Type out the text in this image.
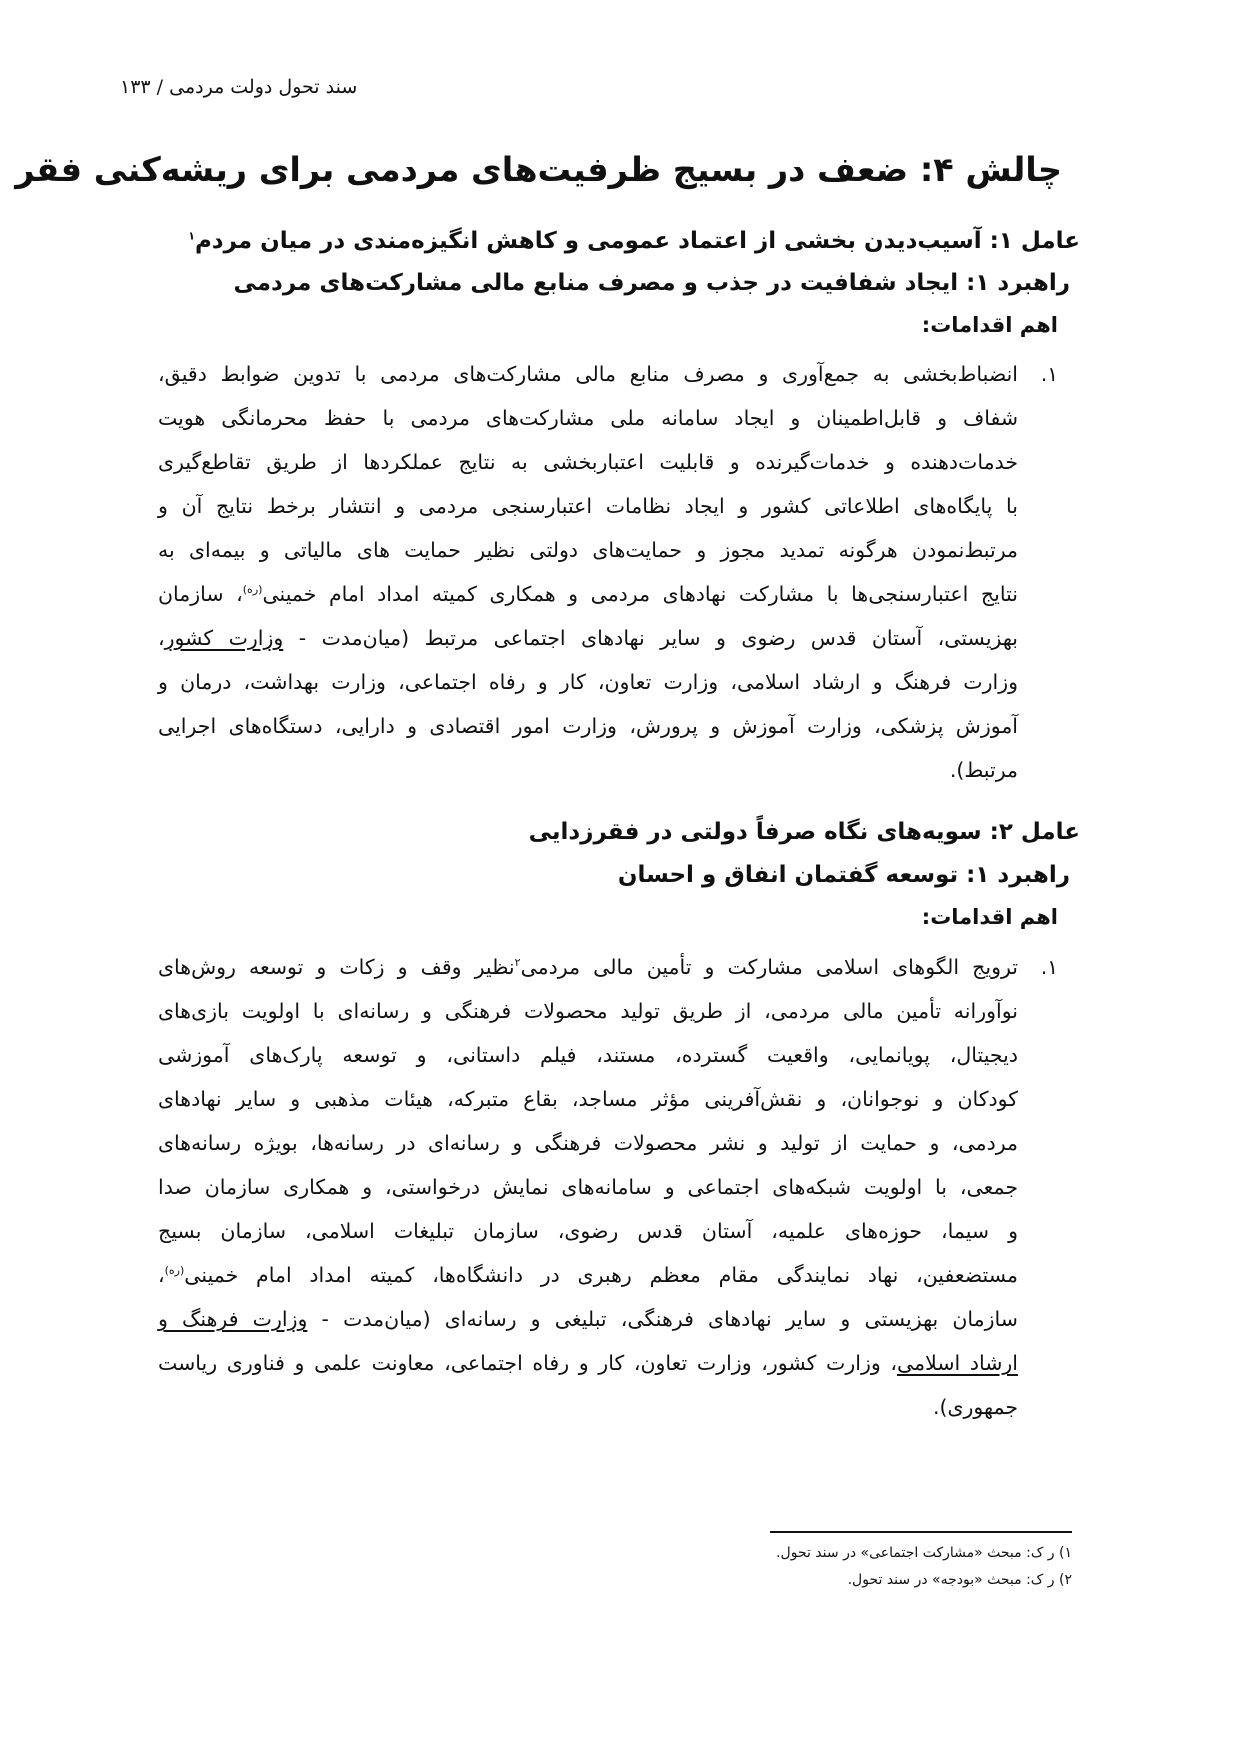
سند تحول دولت مردمی / ۱۳۳
چالش ۴: ضعف در بسیج ظرفیت‌های مردمی برای ریشه‌کنی فقر
عامل ۱: آسیب‌دیدن بخشی از اعتماد عمومی و کاهش انگیزه‌مندی در میان مردم$^۱$
راهبرد ۱: ایجاد شفافیت در جذب و مصرف منابع مالی مشارکت‌های مردمی
اهم اقدامات:
۱.
انضباط‌بخشی به جمع‌آوری و مصرف منابع مالی مشارکت‌های مردمی با تدوین ضوابط دقیق،
شفاف و قابل‌اطمینان و ایجاد سامانه ملی مشارکت‌های مردمی با حفظ محرمانگی هویت
خدمات‌دهنده و خدمات‌گیرنده و قابلیت اعتباربخشی به نتایج عملکردها از طریق تقاطع‌گیری
با پایگاه‌های اطلاعاتی کشور و ایجاد نظامات اعتبارسنجی مردمی و انتشار برخط نتایج آن و
مرتبط‌نمودن هرگونه تمدید مجوز و حمایت‌های دولتی نظیر حمایت های مالیاتی و بیمه‌ای به
نتایج اعتبارسنجی‌ها با مشارکت نهادهای مردمی و همکاری کمیته امداد امام خمینی$^{(ره)}$، سازمان
بهزیستی، آستان قدس رضوی و سایر نهادهای اجتماعی مرتبط (میان‌مدت - وزارت کشور،
وزارت فرهنگ و ارشاد اسلامی، وزارت تعاون، کار و رفاه اجتماعی، وزارت بهداشت، درمان و
آموزش پزشکی، وزارت آموزش و پرورش، وزارت امور اقتصادی و دارایی، دستگاه‌های اجرایی
مرتبط).
عامل ۲: سویه‌های نگاه صرفاً دولتی در فقرزدایی
راهبرد ۱: توسعه گفتمان انفاق و احسان
اهم اقدامات:
۱.
ترویج الگوهای اسلامی مشارکت و تأمین مالی مردمی$^۲$نظیر وقف و زکات و توسعه روش‌های
نوآورانه تأمین مالی مردمی، از طریق تولید محصولات فرهنگی و رسانه‌ای با اولویت بازی‌های
دیجیتال، پویانمایی، واقعیت گسترده، مستند، فیلم داستانی، و توسعه پارک‌های آموزشی
کودکان و نوجوانان، و نقش‌آفرینی مؤثر مساجد، بقاع متبرکه، هیئات مذهبی و سایر نهادهای
مردمی، و حمایت از تولید و نشر محصولات فرهنگی و رسانه‌ای در رسانه‌ها، بویژه رسانه‌های
جمعی، با اولویت شبکه‌های اجتماعی و سامانه‌های نمایش درخواستی، و همکاری سازمان صدا
و سیما، حوزه‌های علمیه، آستان قدس رضوی، سازمان تبلیغات اسلامی، سازمان بسیج
مستضعفین، نهاد نمایندگی مقام معظم رهبری در دانشگاه‌ها، کمیته امداد امام خمینی$^{(ره)}$،
سازمان بهزیستی و سایر نهادهای فرهنگی، تبلیغی و رسانه‌ای (میان‌مدت - وزارت فرهنگ و
ارشاد اسلامی، وزارت کشور، وزارت تعاون، کار و رفاه اجتماعی، معاونت علمی و فناوری ریاست
جمهوری).
۱) ر ک: مبحث «مشارکت اجتماعی» در سند تحول.
۲) ر ک: مبحث «بودجه» در سند تحول.
